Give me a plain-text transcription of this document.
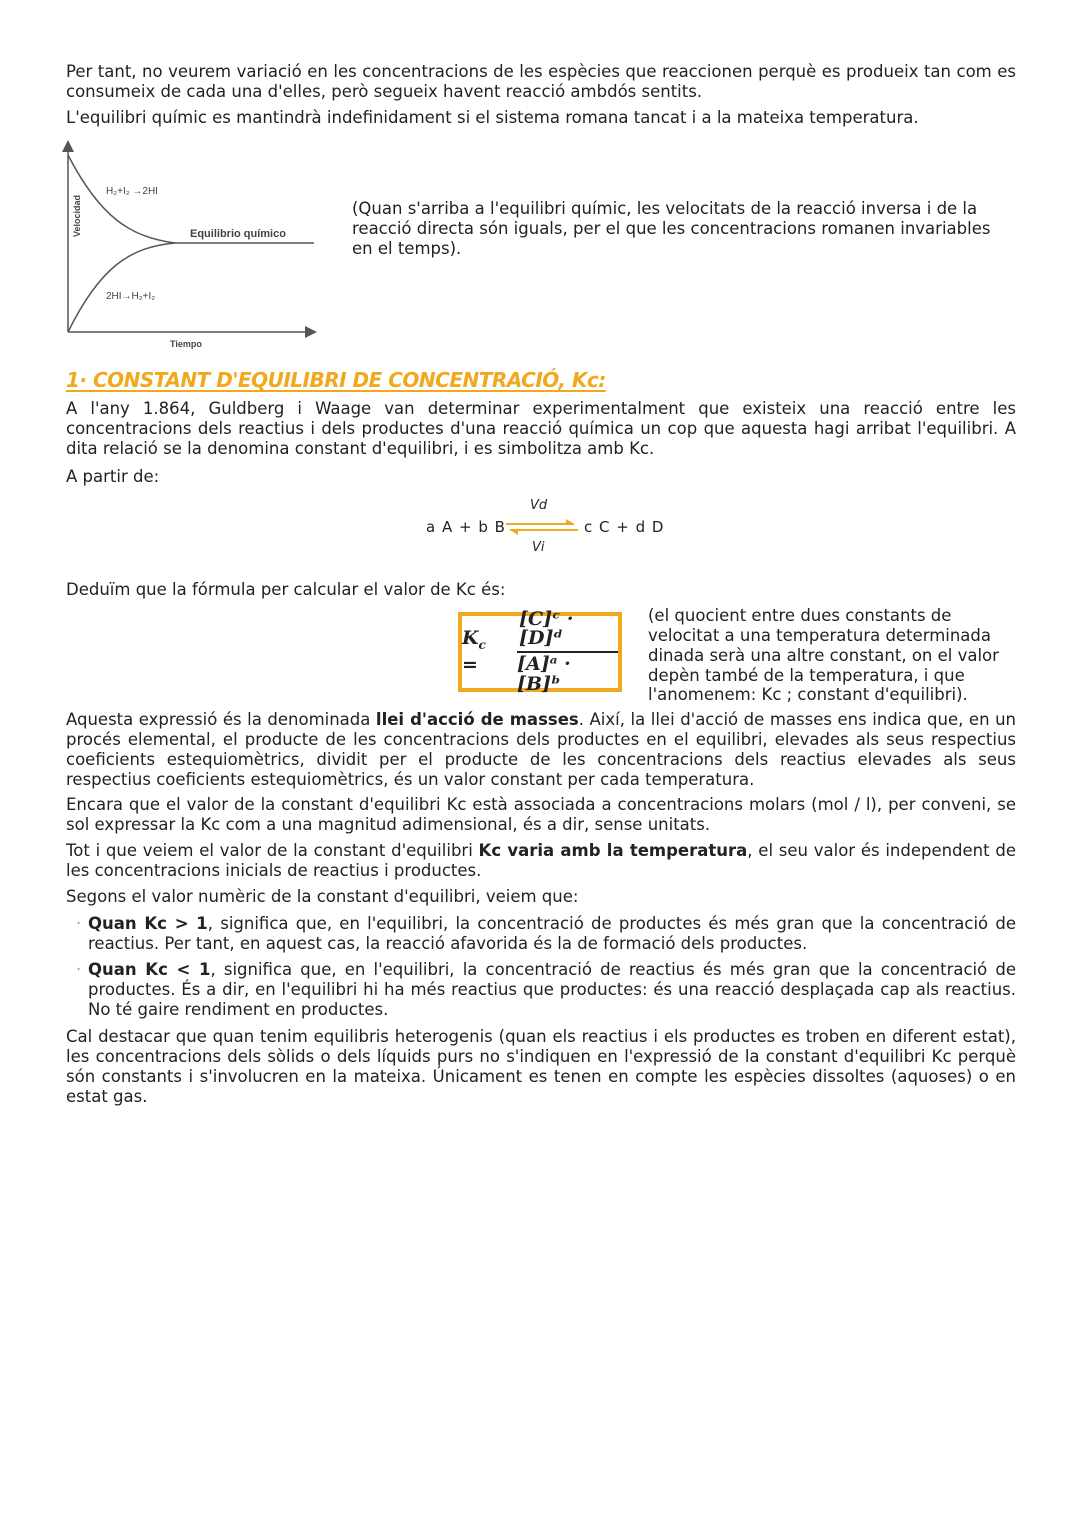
Per tant, no veurem variació en les concentracions de les espècies que reaccionen perquè es produeix tan com es consumeix de cada una d'elles, però segueix havent reacció ambdós sentits.

L'equilibri químic es mantindrà indefinidament si el sistema romana tancat i a la mateixa temperatura.

Velocidad
Tiempo
H₂+I₂ →2HI
2HI→H₂+I₂
Equilibrio químico

(Quan s'arriba a l'equilibri químic, les velocitats de la reacció inversa i de la reacció directa són iguals, per el que les concentracions romanen invariables en el temps).

1· CONSTANT D'EQUILIBRI DE CONCENTRACIÓ, Kc:

A l'any 1.864, Guldberg i Waage van determinar experimentalment que existeix una reacció entre les concentracions dels reactius i dels productes d'una reacció química un cop que aquesta hagi arribat l'equilibri. A dita relació se la denomina constant d'equilibri, i es simbolitza amb Kc.

A partir de:

a A + b B
Vd
Vi
c C + d D

Deduïm que la fórmula per calcular el valor de Kc és:

$K_c$ =	$\frac{\text{[C]ᶜ · [D]ᵈ}}{\text{[A]ᵃ · [B]ᵇ}} (el$ quocient entre dues constants de velocitat a una temperatura determinada dinada serà una altre constant, on el valor depèn també de la temperatura, i que l'anomenem: Kc ; constant d'equilibri).

Aquesta expressió és la denominada llei d'acció de masses. Així, la llei d'acció de masses ens indica que, en un procés elemental, el producte de les concentracions dels productes en el equilibri, elevades als seus respectius coeficients estequiomètrics, dividit per el producte de les concentracions dels reactius elevades als seus respectius coeficients estequiomètrics, és un valor constant per cada temperatura.

Encara que el valor de la constant d'equilibri Kc està associada a concentracions molars (mol / l), per conveni, se sol expressar la Kc com a una magnitud adimensional, és a dir, sense unitats.

Tot i que veiem el valor de la constant d'equilibri Kc varia amb la temperatura, el seu valor és independent de les concentracions inicials de reactius i productes.

Segons el valor numèric de la constant d'equilibri, veiem que:

· Quan Kc > 1, significa que, en l'equilibri, la concentració de productes és més gran que la concentració de reactius. Per tant, en aquest cas, la reacció afavorida és la de formació dels productes.
· Quan Kc < 1, significa que, en l'equilibri, la concentració de reactius és més gran que la concentració de productes. És a dir, en l'equilibri hi ha més reactius que productes: és una reacció desplaçada cap als reactius. No té gaire rendiment en productes.

Cal destacar que quan tenim equilibris heterogenis (quan els reactius i els productes es troben en diferent estat), les concentracions dels sòlids o dels líquids purs no s'indiquen en l'expressió de la constant d'equilibri Kc perquè són constants i s'involucren en la mateixa. Únicament es tenen en compte les espècies dissoltes (aquoses) o en estat gas.
